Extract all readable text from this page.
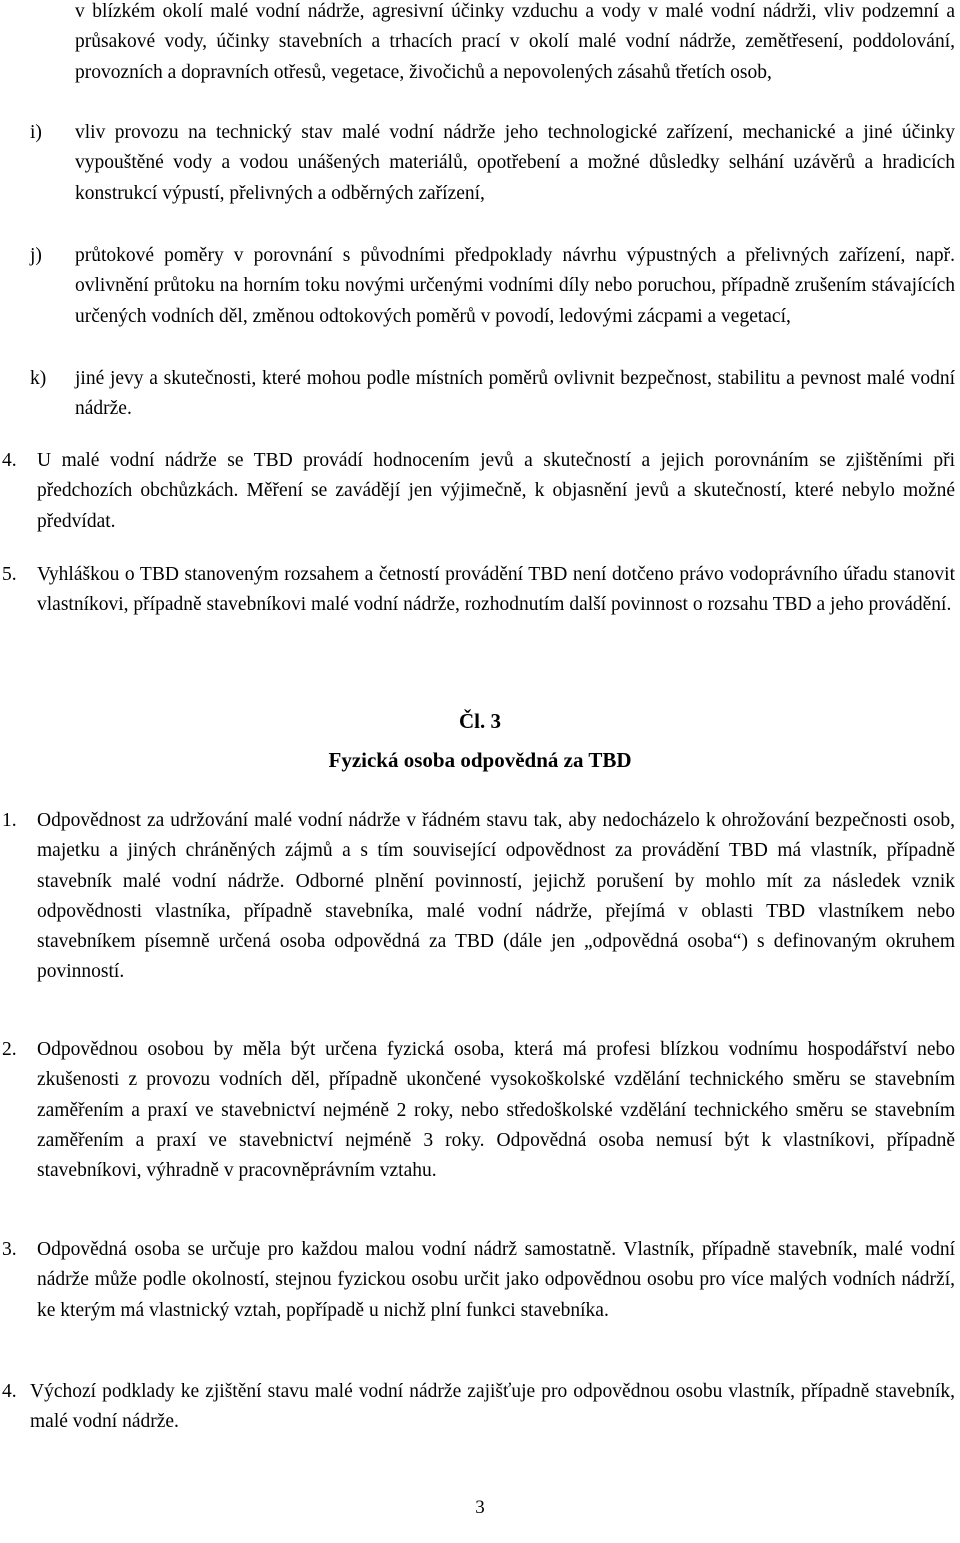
v blízkém okolí malé vodní nádrže, agresivní účinky vzduchu a vody v malé vodní nádrži, vliv podzemní a průsakové vody, účinky stavebních a trhacích prací v okolí malé vodní nádrže, zemětřesení, poddolování, provozních a dopravních otřesů, vegetace, živočichů a nepovolených zásahů třetích osob,
i) vliv provozu na technický stav malé vodní nádrže jeho technologické zařízení, mechanické a jiné účinky vypouštěné vody a vodou unášených materiálů, opotřebení a možné důsledky selhání uzávěrů a hradicích konstrukcí výpustí, přelivných a odběrných zařízení,
j) průtokové poměry v porovnání s původními předpoklady návrhu výpustných a přelivných zařízení, např. ovlivnění průtoku na horním toku novými určenými vodními díly nebo poruchou, případně zrušením stávajících určených vodních děl, změnou odtokových poměrů v povodí, ledovými zácpami a vegetací,
k) jiné jevy a skutečnosti, které mohou podle místních poměrů ovlivnit bezpečnost, stabilitu a pevnost malé vodní nádrže.
4. U malé vodní nádrže se TBD provádí hodnocením jevů a skutečností a jejich porovnáním se zjištěními při předchozích obchůzkách. Měření se zavádějí jen výjimečně, k objasnění jevů a skutečností, které nebylo možné předvídat.
5. Vyhláškou o TBD stanoveným rozsahem a četností provádění TBD není dotčeno právo vodoprávního úřadu stanovit vlastníkovi, případně stavebníkovi malé vodní nádrže, rozhodnutím další povinnost o rozsahu TBD a jeho provádění.
Čl. 3
Fyzická osoba odpovědná za TBD
1. Odpovědnost za udržování malé vodní nádrže v řádném stavu tak, aby nedocházelo k ohrožování bezpečnosti osob, majetku a jiných chráněných zájmů a s tím související odpovědnost za provádění TBD má vlastník, případně stavebník malé vodní nádrže. Odborné plnění povinností, jejichž porušení by mohlo mít za následek vznik odpovědnosti vlastníka, případně stavebníka, malé vodní nádrže, přejímá v oblasti TBD vlastníkem nebo stavebníkem písemně určená osoba odpovědná za TBD (dále jen „odpovědná osoba“) s definovaným okruhem povinností.
2. Odpovědnou osobou by měla být určena fyzická osoba, která má profesi blízkou vodnímu hospodářství nebo zkušenosti z provozu vodních děl, případně ukončené vysokoškolské vzdělání technického směru se stavebním zaměřením a praxí ve stavebnictví nejméně 2 roky, nebo středoškolské vzdělání technického směru se stavebním zaměřením a praxí ve stavebnictví nejméně 3 roky. Odpovědná osoba nemusí být k vlastníkovi, případně stavebníkovi, výhradně v pracovněprávním vztahu.
3. Odpovědná osoba se určuje pro každou malou vodní nádrž samostatně. Vlastník, případně stavebník, malé vodní nádrže může podle okolností, stejnou fyzickou osobu určit jako odpovědnou osobu pro více malých vodních nádrží, ke kterým má vlastnický vztah, popřípadě u nichž plní funkci stavebníka.
4. Výchozí podklady ke zjištění stavu malé vodní nádrže zajišťuje pro odpovědnou osobu vlastník, případně stavebník, malé vodní nádrže.
3
